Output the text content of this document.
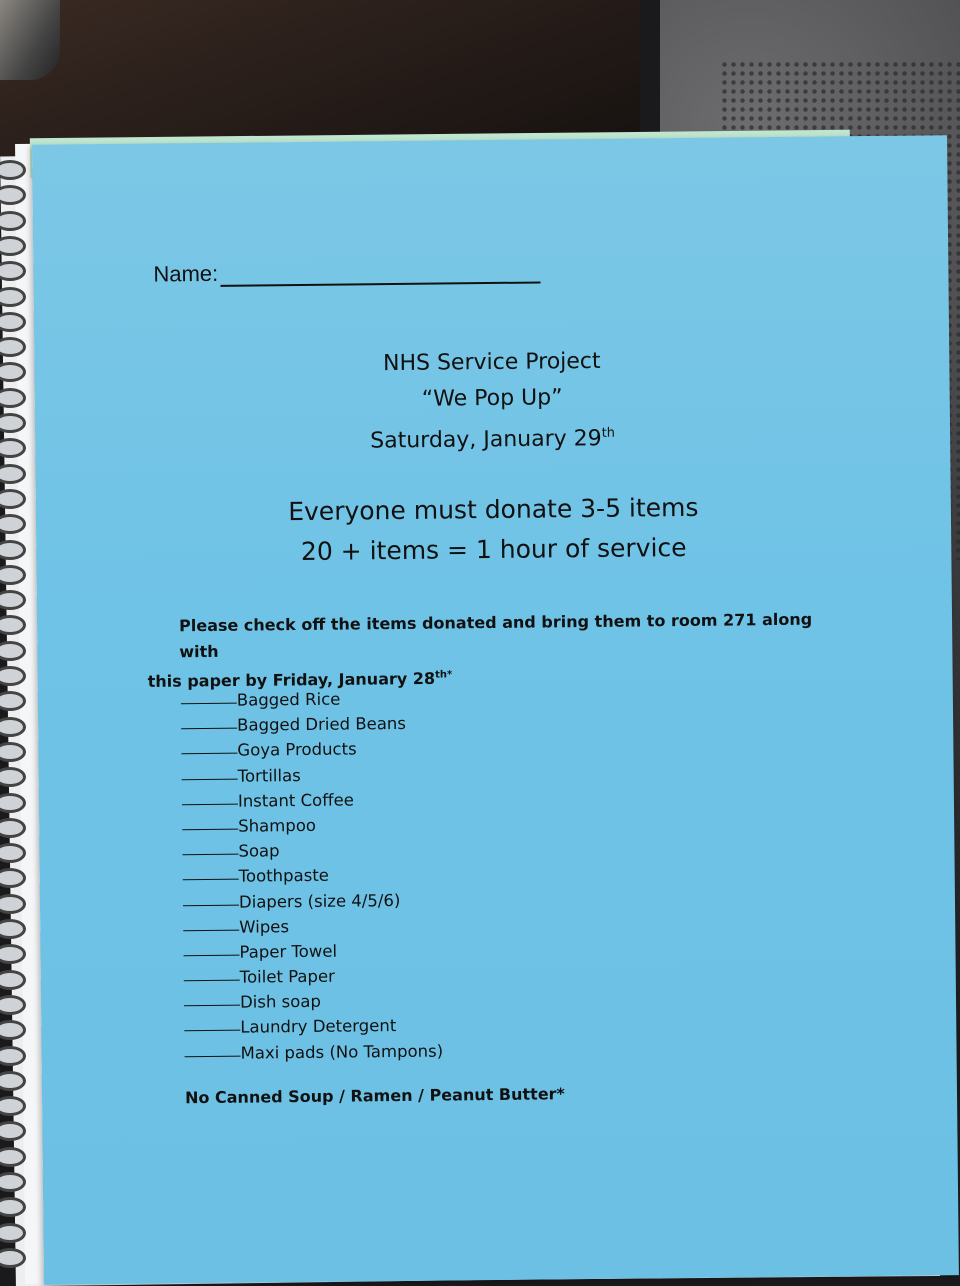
Name:
NHS Service Project
“We Pop Up”
Saturday, January 29th
Everyone must donate 3-5 items
20 + items = 1 hour of service
Please check off the items donated and bring them to room 271 along with
this paper by Friday, January $28^{th*}$
Bagged Rice
Bagged Dried Beans
Goya Products
Tortillas
Instant Coffee
Shampoo
Soap
Toothpaste
Diapers (size 4/5/6)
Wipes
Paper Towel
Toilet Paper
Dish soap
Laundry Detergent
Maxi pads (No Tampons)
No Canned Soup / Ramen / Peanut Butter*
